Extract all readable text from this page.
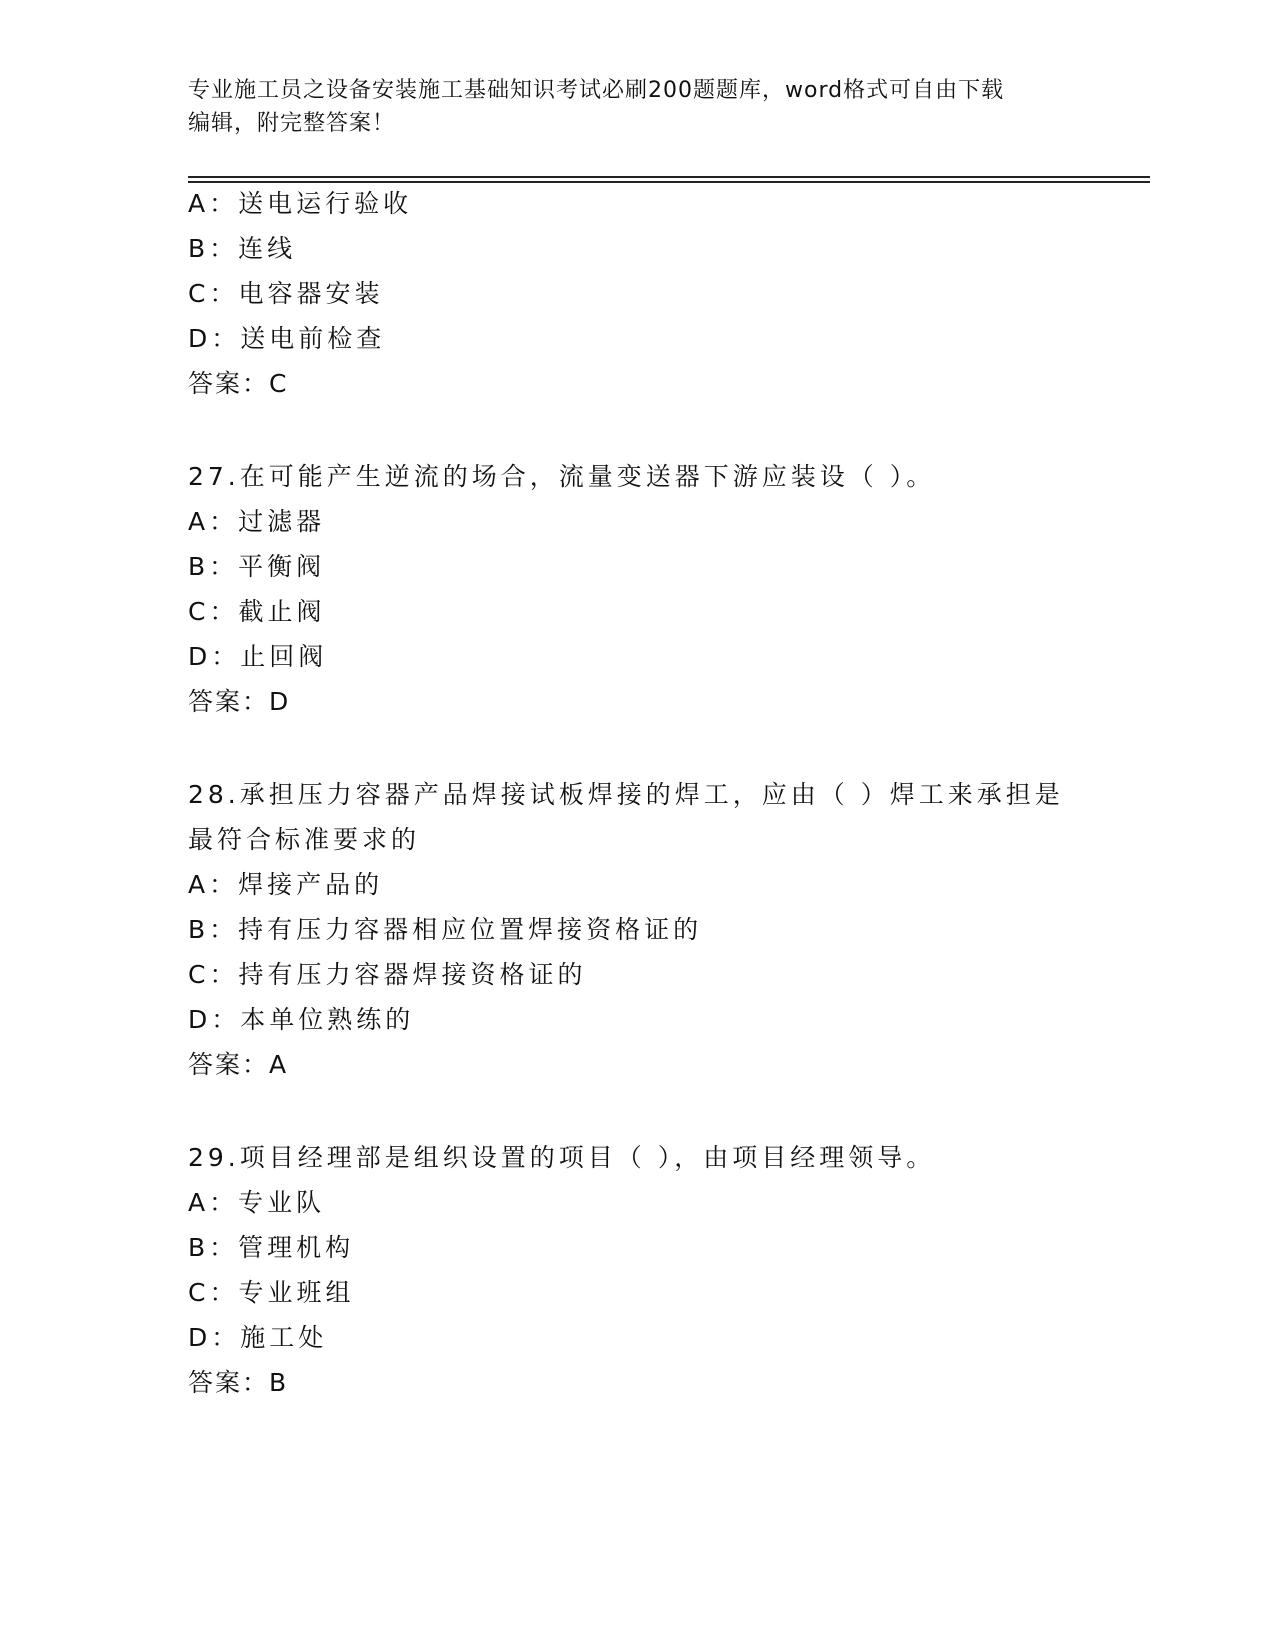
专业施工员之设备安装施工基础知识考试必刷200题题库，word格式可自由下载
编辑，附完整答案！
A：送电运行验收
B：连线
C：电容器安装
D：送电前检查
答案：C
27.在可能产生逆流的场合，流量变送器下游应装设（ ）。
A：过滤器
B：平衡阀
C：截止阀
D：止回阀
答案：D
28.承担压力容器产品焊接试板焊接的焊工，应由（ ）焊工来承担是
最符合标准要求的
A：焊接产品的
B：持有压力容器相应位置焊接资格证的
C：持有压力容器焊接资格证的
D：本单位熟练的
答案：A
29.项目经理部是组织设置的项目（ ），由项目经理领导。
A：专业队
B：管理机构
C：专业班组
D：施工处
答案：B
